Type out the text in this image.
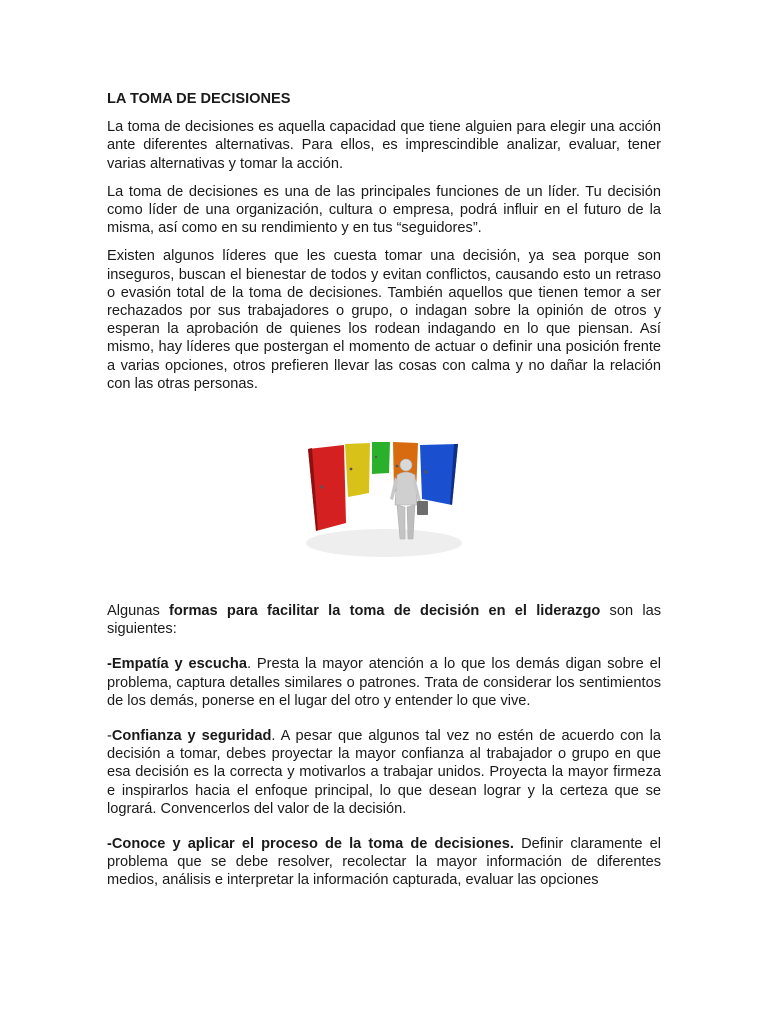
LA TOMA DE DECISIONES

La toma de decisiones es aquella capacidad que tiene alguien para elegir una acción ante diferentes alternativas. Para ellos, es imprescindible analizar, evaluar, tener varias alternativas y tomar la acción.

La toma de decisiones es una de las principales funciones de un líder. Tu decisión como líder de una organización, cultura o empresa, podrá influir en el futuro de la misma, así como en su rendimiento y en tus “seguidores”.

Existen algunos líderes que les cuesta tomar una decisión, ya sea porque son inseguros, buscan el bienestar de todos y evitan conflictos, causando esto un retraso o evasión total de la toma de decisiones. También aquellos que tienen temor a ser rechazados por sus trabajadores o grupo, o indagan sobre la opinión de otros y esperan la aprobación de quienes los rodean indagando en lo que piensan. Así mismo, hay líderes que postergan el momento de actuar o definir una posición frente a varias opciones, otros prefieren llevar las cosas con calma y no dañar la relación con las otras personas.

Algunas formas para facilitar la toma de decisión en el liderazgo son las siguientes:

-Empatía y escucha. Presta la mayor atención a lo que los demás digan sobre el problema, captura detalles similares o patrones. Trata de considerar los sentimientos de los demás, ponerse en el lugar del otro y entender lo que vive.

-Confianza y seguridad. A pesar que algunos tal vez no estén de acuerdo con la decisión a tomar, debes proyectar la mayor confianza al trabajador o grupo en que esa decisión es la correcta y motivarlos a trabajar unidos. Proyecta la mayor firmeza e inspirarlos hacia el enfoque principal, lo que desean lograr y la certeza que se logrará. Convencerlos del valor de la decisión.

-Conoce y aplicar el proceso de la toma de decisiones. Definir claramente el problema que se debe resolver, recolectar la mayor información de diferentes medios, análisis e interpretar la información capturada, evaluar las opciones
